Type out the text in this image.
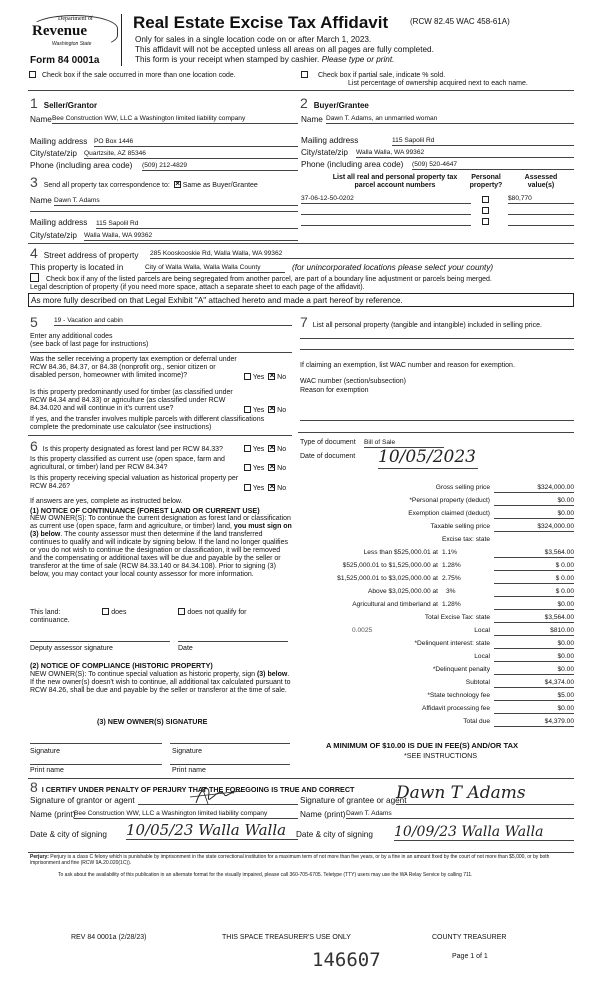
Department of
Revenue
Washington State
Form 84 0001a
Real Estate Excise Tax Affidavit	(RCW 82.45 WAC 458-61A)
Only for sales in a single location code on or after March 1, 2023.
This affidavit will not be accepted unless all areas on all pages are fully completed.
This form is your receipt when stamped by cashier. Please type or print.
Check box if the sale occurred in more than one location code.	Check box if partial sale, indicate % sold.
List percentage of ownership acquired next to each name.
1 Seller/Grantor
Name Bee Construction WW, LLC a Washington limited liability company
Mailing address PO Box 1446
City/state/zip Quartzsite, AZ 85346
Phone (including area code) (509) 212-4829
2 Buyer/Grantee
Name Dawn T. Adams, an unmarried woman
Mailing address	115 Sapolil Rd
City/state/zip Walla Walla, WA 99362
Phone (including area code) (509) 520-4647
3 Send all property tax correspondence to: × Same as Buyer/Grantee
Name Dawn T. Adams
Mailing address 115 Sapolil Rd
City/state/zip Walla Walla, WA 99362
List all real and personal property tax parcel account numbers
Personal property?
Assessed value(s)
37-06-12-50-0202	$80,770
4 Street address of property 285 Kooskooskie Rd, Walla Walla, WA 99362
This property is located in	City of Walla Walla, Walla Walla County	(for unincorporated locations please select your county)
Check box if any of the listed parcels are being segregated from another parcel, are part of a boundary line adjustment or parcels being merged.
Legal description of property (if you need more space, attach a separate sheet to each page of the affidavit).
As more fully described on that Legal Exhibit "A" attached hereto and made a part hereof by reference.
5 19 - Vacation and cabin
Enter any additional codes
(see back of last page for instructions)
Was the seller receiving a property tax exemption or deferral under RCW 84.36, 84.37, or 84.38 (nonprofit org., senior citizen or disabled person, homeowner with limited income)?	Yes × No
Is this property predominantly used for timber (as classified under RCW 84.34 and 84.33) or agriculture (as classified under RCW 84.34.020 and will continue in it's current use?	Yes × No
If yes, and the transfer involves multiple parcels with different classifications complete the predominate use calculator (see instructions)
6 Is this property designated as forest land per RCW 84.33?	Yes × No
Is this property classified as current use (open space, farm and agricultural, or timber) land per RCW 84.34?	Yes × No
Is this property receiving special valuation as historical property per RCW 84.26?	Yes × No
If answers are yes, complete as instructed below.
(1) NOTICE OF CONTINUANCE (FOREST LAND OR CURRENT USE)
NEW OWNER(S): To continue the current designation as forest land or classification as current use (open space, farm and agriculture, or timber) land, you must sign on (3) below. The county assessor must then determine if the land transferred continues to qualify and will indicate by signing below. If the land no longer qualifies or you do not wish to continue the designation or classification, it will be removed and the compensating or additional taxes will be due and payable by the seller or transferor at the time of sale (RCW 84.33.140 or 84.34.108). Prior to signing (3) below, you may contact your local county assessor for more information.
This land:	does	does not qualify for
continuance.
Deputy assessor signature	Date
(2) NOTICE OF COMPLIANCE (HISTORIC PROPERTY)
NEW OWNER(S): To continue special valuation as historic property, sign (3) below. If the new owner(s) doesn't wish to continue, all additional tax calculated pursuant to RCW 84.26, shall be due and payable by the seller or transferor at the time of sale.
(3) NEW OWNER(S) SIGNATURE
Signature	Signature
Print name	Print name
7 List all personal property (tangible and intangible) included in selling price.
If claiming an exemption, list WAC number and reason for exemption.
WAC number (section/subsection)
Reason for exemption
Type of document Bill of Sale
Date of document 10/05/2023
Gross selling price	$324,000.00
*Personal property (deduct)	$0.00
Exemption claimed (deduct)	$0.00
Taxable selling price	$324,000.00
Excise tax: state
Less than $525,000.01 at 1.1%	$3,564.00
$525,000.01 to $1,525,000.00 at 1.28%	$ 0.00
$1,525,000.01 to $3,025,000.00 at 2.75%	$ 0.00
Above $3,025,000.00 at 3%	$ 0.00
Agricultural and timberland at 1.28%	$0.00
Total Excise Tax: state	$3,564.00
0.0025	Local	$810.00
*Delinquent interest: state	$0.00
Local	$0.00
*Delinquent penalty	$0.00
Subtotal	$4,374.00
*State technology fee	$5.00
Affidavit processing fee	$0.00
Total due	$4,379.00
A MINIMUM OF $10.00 IS DUE IN FEE(S) AND/OR TAX
*SEE INSTRUCTIONS
8 I CERTIFY UNDER PENALTY OF PERJURY THAT THE FOREGOING IS TRUE AND CORRECT
Signature of grantor or agent
Name (print)
Bee Construction WW, LLC a Washington limited liability company
Date & city of signing 10/05/23 Walla Walla
Signature of grantee or agent
Dawn T Adams
Name (print) Dawn T. Adams
Date & city of signing 10/09/23 Walla Walla
Perjury: Perjury is a class C felony which is punishable by imprisonment in the state correctional institution for a maximum term of not more than five years, or by a fine in an amount fixed by the court of not more than $5,000, or by both imprisonment and fine (RCW 9A.20.020(1C)).
To ask about the availability of this publication in an alternate format for the visually impaired, please call 360-705-6705. Teletype (TTY) users may use the WA Relay Service by calling 711.
REV 84 0001a (2/28/23)	THIS SPACE TREASURER'S USE ONLY	COUNTY TREASURER
146607	Page 1 of 1
